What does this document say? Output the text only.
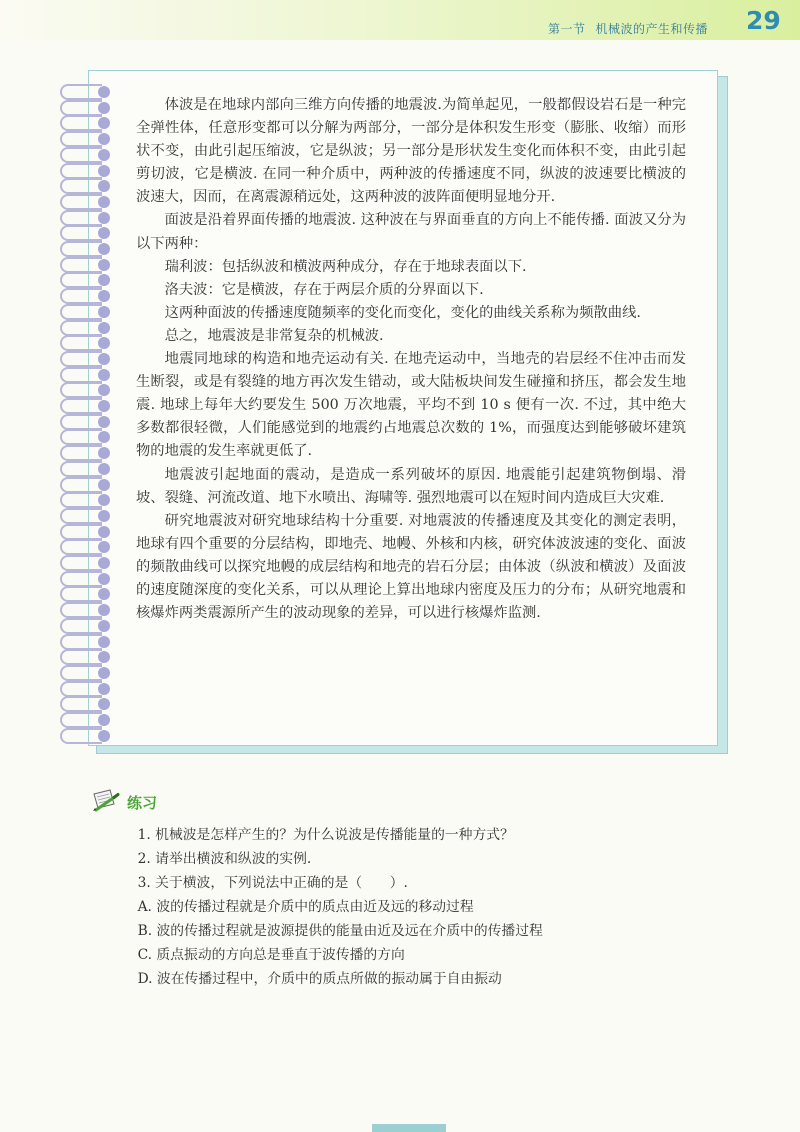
第一节 机械波的产生和传播 29

体波是在地球内部向三维方向传播的地震波.为简单起见，一般都假设岩石是一种完全弹性体，任意形变都可以分解为两部分，一部分是体积发生形变（膨胀、收缩）而形状不变，由此引起压缩波，它是纵波；另一部分是形状发生变化而体积不变，由此引起剪切波，它是横波. 在同一种介质中，两种波的传播速度不同，纵波的波速要比横波的波速大，因而，在离震源稍远处，这两种波的波阵面便明显地分开.

面波是沿着界面传播的地震波. 这种波在与界面垂直的方向上不能传播. 面波又分为以下两种：

瑞利波：包括纵波和横波两种成分，存在于地球表面以下.

洛夫波：它是横波，存在于两层介质的分界面以下.

这两种面波的传播速度随频率的变化而变化，变化的曲线关系称为频散曲线.

总之，地震波是非常复杂的机械波.

地震同地球的构造和地壳运动有关. 在地壳运动中，当地壳的岩层经不住冲击而发生断裂，或是有裂缝的地方再次发生错动，或大陆板块间发生碰撞和挤压，都会发生地震. 地球上每年大约要发生 500 万次地震，平均不到 10 s 便有一次. 不过，其中绝大多数都很轻微，人们能感觉到的地震约占地震总次数的 1%，而强度达到能够破坏建筑物的地震的发生率就更低了.

地震波引起地面的震动，是造成一系列破坏的原因. 地震能引起建筑物倒塌、滑坡、裂缝、河流改道、地下水喷出、海啸等. 强烈地震可以在短时间内造成巨大灾难.

研究地震波对研究地球结构十分重要. 对地震波的传播速度及其变化的测定表明，地球有四个重要的分层结构，即地壳、地幔、外核和内核，研究体波波速的变化、面波的频散曲线可以探究地幔的成层结构和地壳的岩石分层；由体波（纵波和横波）及面波的速度随深度的变化关系，可以从理论上算出地球内密度及压力的分布；从研究地震和核爆炸两类震源所产生的波动现象的差异，可以进行核爆炸监测.

练习

1. 机械波是怎样产生的？为什么说波是传播能量的一种方式？

2. 请举出横波和纵波的实例.

3. 关于横波，下列说法中正确的是（　　）.

A. 波的传播过程就是介质中的质点由近及远的移动过程

B. 波的传播过程就是波源提供的能量由近及远在介质中的传播过程

C. 质点振动的方向总是垂直于波传播的方向

D. 波在传播过程中，介质中的质点所做的振动属于自由振动
